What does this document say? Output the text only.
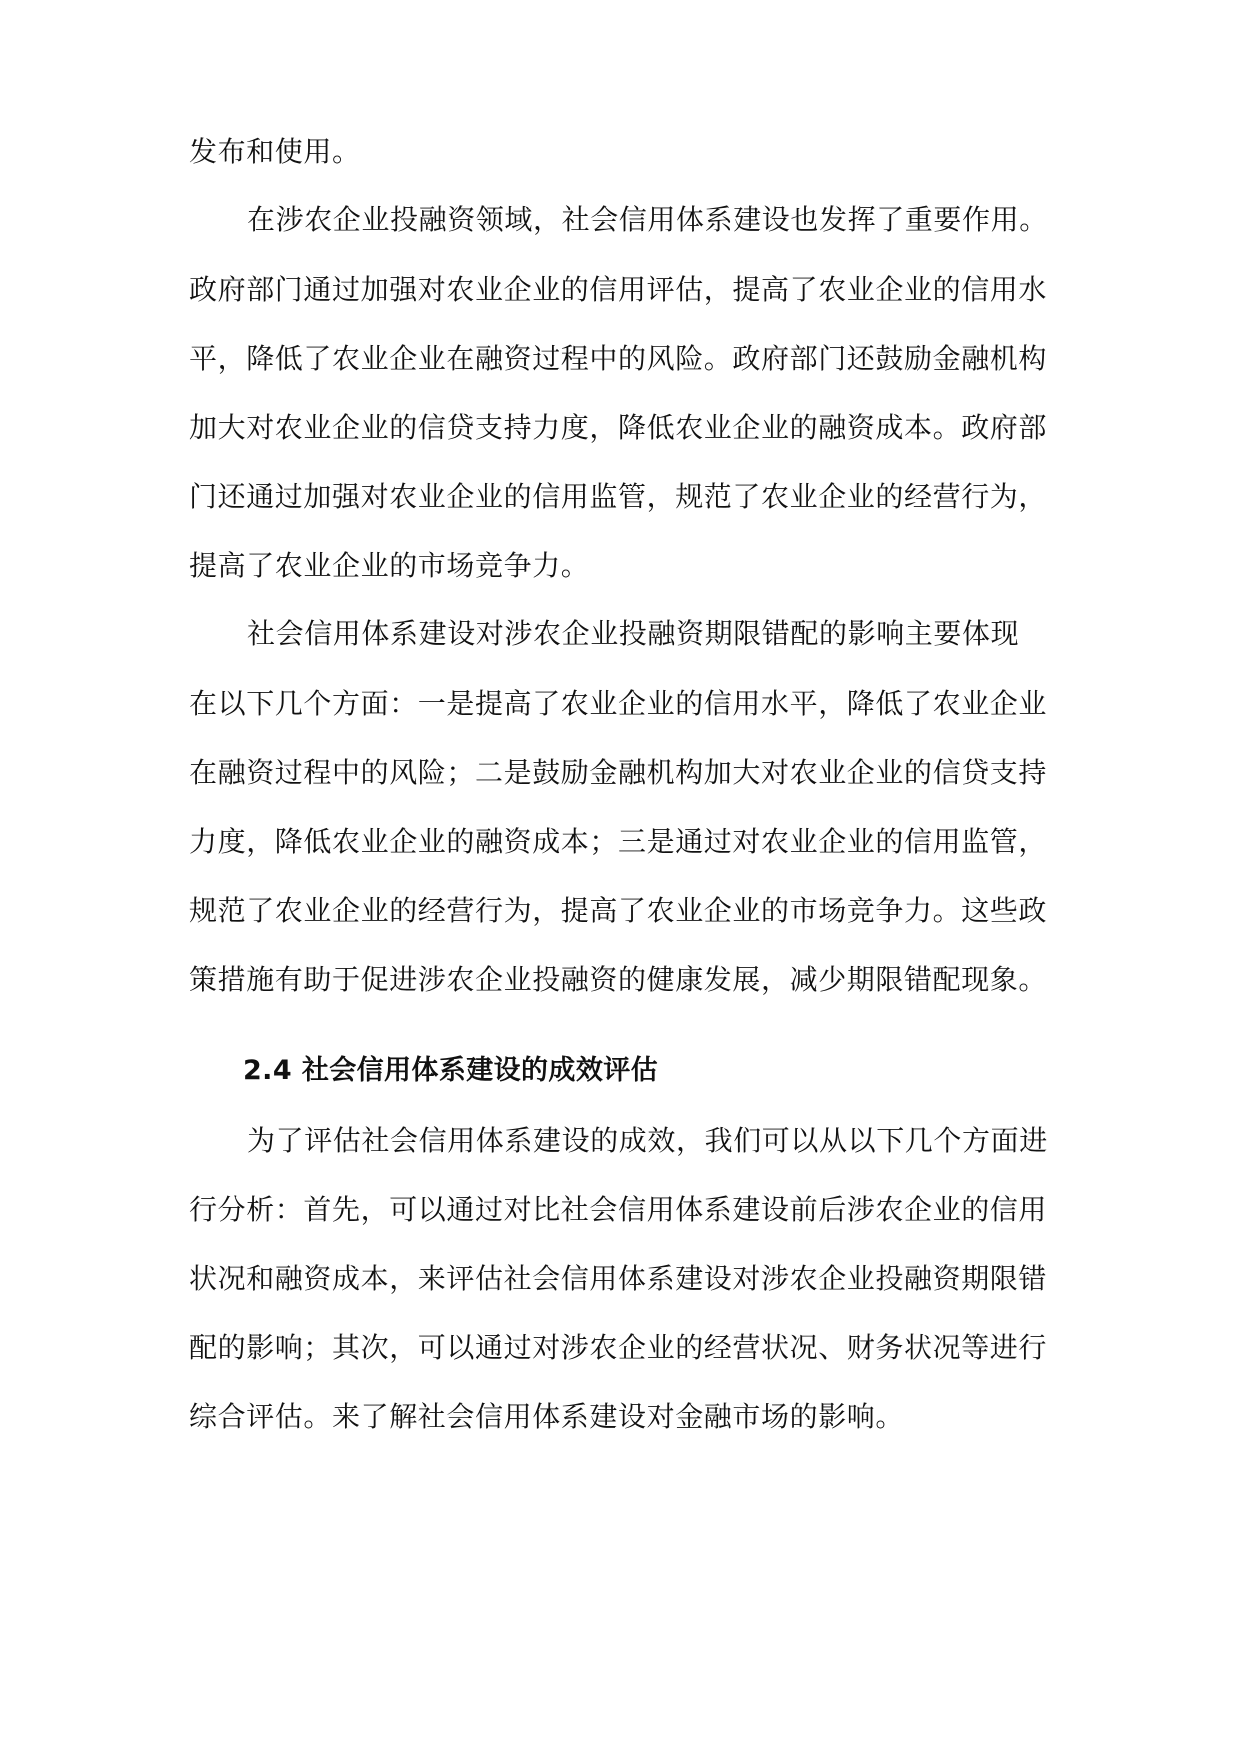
发布和使用。
在涉农企业投融资领域，社会信用体系建设也发挥了重要作用。
政府部门通过加强对农业企业的信用评估，提高了农业企业的信用水
平，降低了农业企业在融资过程中的风险。政府部门还鼓励金融机构
加大对农业企业的信贷支持力度，降低农业企业的融资成本。政府部
门还通过加强对农业企业的信用监管，规范了农业企业的经营行为，
提高了农业企业的市场竞争力。
社会信用体系建设对涉农企业投融资期限错配的影响主要体现
在以下几个方面：一是提高了农业企业的信用水平，降低了农业企业
在融资过程中的风险；二是鼓励金融机构加大对农业企业的信贷支持
力度，降低农业企业的融资成本；三是通过对农业企业的信用监管，
规范了农业企业的经营行为，提高了农业企业的市场竞争力。这些政
策措施有助于促进涉农企业投融资的健康发展，减少期限错配现象。
2.4 社会信用体系建设的成效评估
为了评估社会信用体系建设的成效，我们可以从以下几个方面进
行分析：首先，可以通过对比社会信用体系建设前后涉农企业的信用
状况和融资成本，来评估社会信用体系建设对涉农企业投融资期限错
配的影响；其次，可以通过对涉农企业的经营状况、财务状况等进行
综合评估。来了解社会信用体系建设对金融市场的影响。
